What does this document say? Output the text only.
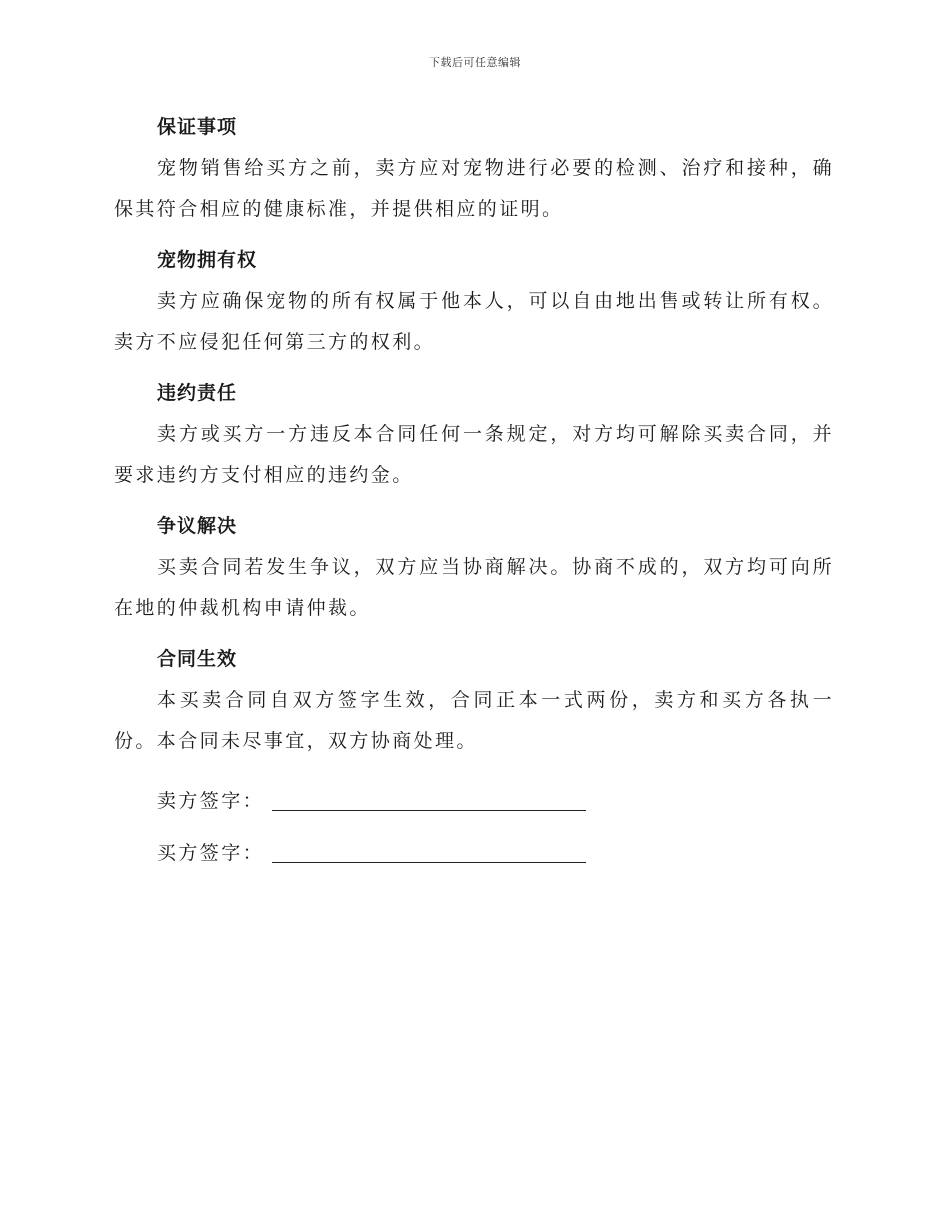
下载后可任意编辑
保证事项

宠物销售给买方之前，卖方应对宠物进行必要的检测、治疗和接种，确保其符合相应的健康标准，并提供相应的证明。

宠物拥有权

卖方应确保宠物的所有权属于他本人，可以自由地出售或转让所有权。卖方不应侵犯任何第三方的权利。

违约责任

卖方或买方一方违反本合同任何一条规定，对方均可解除买卖合同，并要求违约方支付相应的违约金。

争议解决

买卖合同若发生争议，双方应当协商解决。协商不成的，双方均可向所在地的仲裁机构申请仲裁。

合同生效

本买卖合同自双方签字生效，合同正本一式两份，卖方和买方各执一份。本合同未尽事宜，双方协商处理。

卖方签字：
买方签字：
